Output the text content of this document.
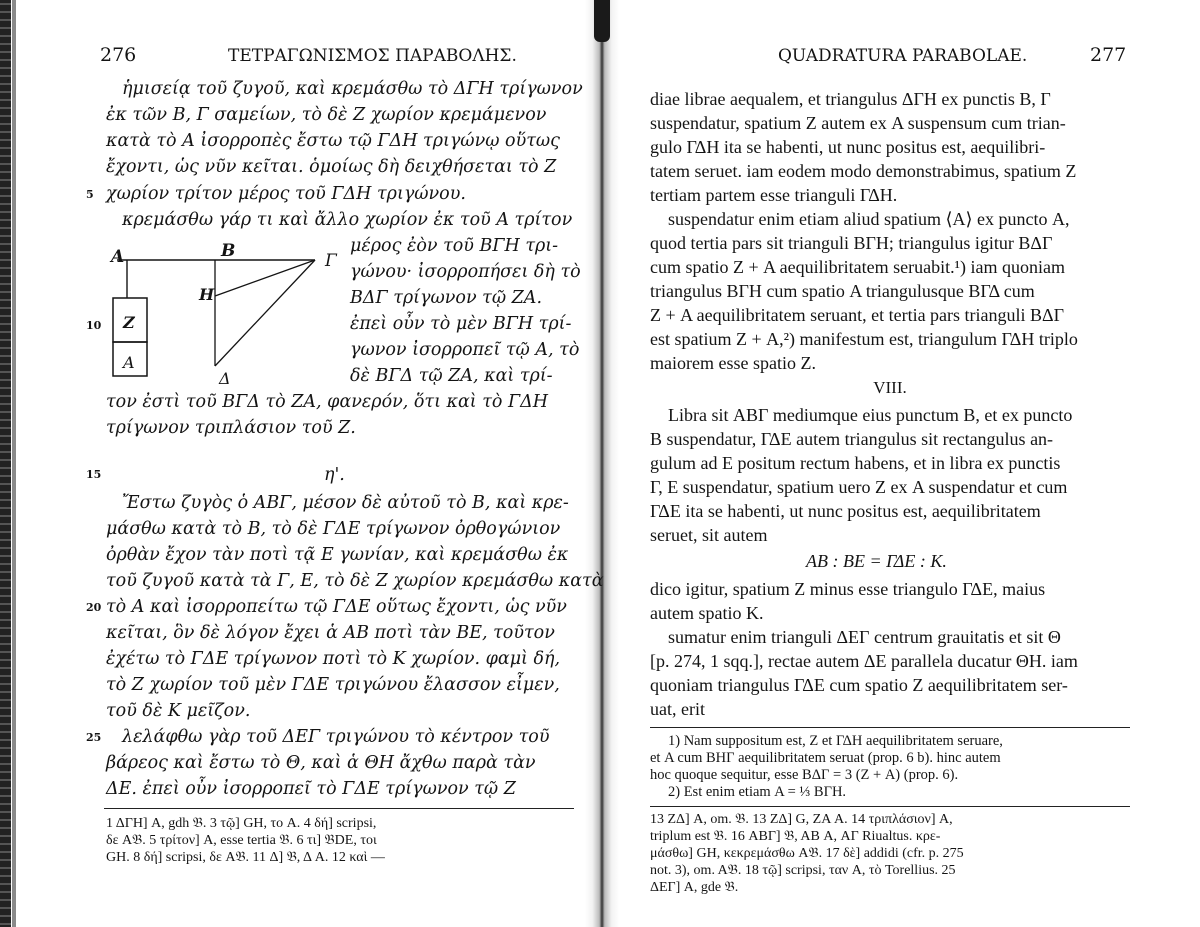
276	ΤΕΤΡΑΓΩΝΙΣΜΟΣ ΠΑΡΑΒΟΛΗΣ.
ἡμισείᾳ τοῦ ζυγοῦ, καὶ κρεμάσθω τὸ ΔΓΗ τρίγωνον
ἐκ τῶν Β, Γ σαμείων, τὸ δὲ Ζ χωρίον κρεμάμενον
κατὰ τὸ Α ἰσορροπὲς ἔστω τῷ ΓΔΗ τριγώνῳ οὕτως
ἔχοντι, ὡς νῦν κεῖται. ὁμοίως δὴ δειχθήσεται τὸ Ζ
χωρίον τρίτον μέρος τοῦ ΓΔΗ τριγώνου.
κρεμάσθω γάρ τι καὶ ἄλλο χωρίον ἐκ τοῦ Α τρίτον
5
Α	Β	Γ
Η
Ζ
Α
Δ
μέρος ἐὸν τοῦ ΒΓΗ τρι-
γώνου· ἰσορροπήσει δὴ τὸ
ΒΔΓ τρίγωνον τῷ ΖΑ.
ἐπεὶ οὖν τὸ μὲν ΒΓΗ τρί-
γωνον ἰσορροπεῖ τῷ Α, τὸ
δὲ ΒΓΔ τῷ ΖΑ, καὶ τρί-
10
τον ἐστὶ τοῦ ΒΓΔ τὸ ΖΑ, φανερόν, ὅτι καὶ τὸ ΓΔΗ
τρίγωνον τριπλάσιον τοῦ Ζ.
15	η'.
Ἔστω ζυγὸς ὁ ΑΒΓ, μέσον δὲ αὐτοῦ τὸ Β, καὶ κρε-
μάσθω κατὰ τὸ Β, τὸ δὲ ΓΔΕ τρίγωνον ὀρθογώνιον
ὀρθὰν ἔχον τὰν ποτὶ τᾷ Ε γωνίαν, καὶ κρεμάσθω ἐκ
τοῦ ζυγοῦ κατὰ τὰ Γ, Ε, τὸ δὲ Ζ χωρίον κρεμάσθω κατὰ
τὸ Α καὶ ἰσορροπείτω τῷ ΓΔΕ οὕτως ἔχοντι, ὡς νῦν
κεῖται, ὃν δὲ λόγον ἔχει ἁ ΑΒ ποτὶ τὰν ΒΕ, τοῦτον
ἐχέτω τὸ ΓΔΕ τρίγωνον ποτὶ τὸ Κ χωρίον. φαμὶ δή,
τὸ Ζ χωρίον τοῦ μὲν ΓΔΕ τριγώνου ἔλασσον εἶμεν,
τοῦ δὲ Κ μεῖζον.
λελάφθω γὰρ τοῦ ΔΕΓ τριγώνου τὸ κέντρον τοῦ
βάρεος καὶ ἔστω τὸ Θ, καὶ ἁ ΘΗ ἄχθω παρὰ τὰν
ΔΕ. ἐπεὶ οὖν ἰσορροπεῖ τὸ ΓΔΕ τρίγωνον τῷ Ζ
20
25
1 ΔΓΗ] A, gdh 𝔅. 3 τῷ] GH, το A. 4 δή] scripsi,
δε A𝔅. 5 τρίτον] A, esse tertia 𝔅. 6 τι] 𝔅DE, τοι
GH. 8 δή] scripsi, δε A𝔅. 11 Δ] 𝔅, Δ A. 12 καὶ —
QUADRATURA PARABOLAE.	277
diae librae aequalem, et triangulus ΔΓΗ ex punctis B, Γ
suspendatur, spatium Z autem ex Α suspensum cum trian-
gulo ΓΔΗ ita se habenti, ut nunc positus est, aequilibri-
tatem seruet. iam eodem modo demonstrabimus, spatium Z
tertiam partem esse trianguli ΓΔΗ.
suspendatur enim etiam aliud spatium ⟨Α⟩ ex puncto Α,
quod tertia pars sit trianguli ΒΓΗ; triangulus igitur ΒΔΓ
cum spatio Z + Α aequilibritatem seruabit.¹) iam quoniam
triangulus ΒΓΗ cum spatio Α triangulusque ΒΓΔ cum
Z + Α aequilibritatem seruant, et tertia pars trianguli ΒΔΓ
est spatium Z + Α,²) manifestum est, triangulum ΓΔΗ triplo
maiorem esse spatio Z.
VIII.
Libra sit ΑΒΓ mediumque eius punctum B, et ex puncto
B suspendatur, ΓΔΕ autem triangulus sit rectangulus an-
gulum ad E positum rectum habens, et in libra ex punctis
Γ, E suspendatur, spatium uero Z ex Α suspendatur et cum
ΓΔΕ ita se habenti, ut nunc positus est, aequilibritatem
seruet, sit autem
ΑΒ : ΒΕ = ΓΔΕ : Κ.
dico igitur, spatium Z minus esse triangulo ΓΔΕ, maius
autem spatio K.
sumatur enim trianguli ΔΕΓ centrum grauitatis et sit Θ
[p. 274, 1 sqq.], rectae autem ΔΕ parallela ducatur ΘΗ. iam
quoniam triangulus ΓΔΕ cum spatio Z aequilibritatem ser-
uat, erit
1) Nam suppositum est, Z et ΓΔΗ aequilibritatem seruare,
et Α cum ΒΗΓ aequilibritatem seruat (prop. 6 b). hinc autem
hoc quoque sequitur, esse ΒΔΓ = 3 (Z + Α) (prop. 6).
2) Est enim etiam Α = ⅓ ΒΓΗ.
13 ΖΔ] A, om. 𝔅. 13 ΖΔ] G, ΖΑ A. 14 τριπλάσιον] A,
triplum est 𝔅. 16 ΑΒΓ] 𝔅, ΑΒ A, ΑΓ Riualtus. κρε-
μάσθω] GH, κεκρεμάσθω A𝔅. 17 δὲ] addidi (cfr. p. 275
not. 3), om. A𝔅. 18 τῷ] scripsi, ταν A, τὸ Torellius. 25
ΔΕΓ] A, gde 𝔅.
